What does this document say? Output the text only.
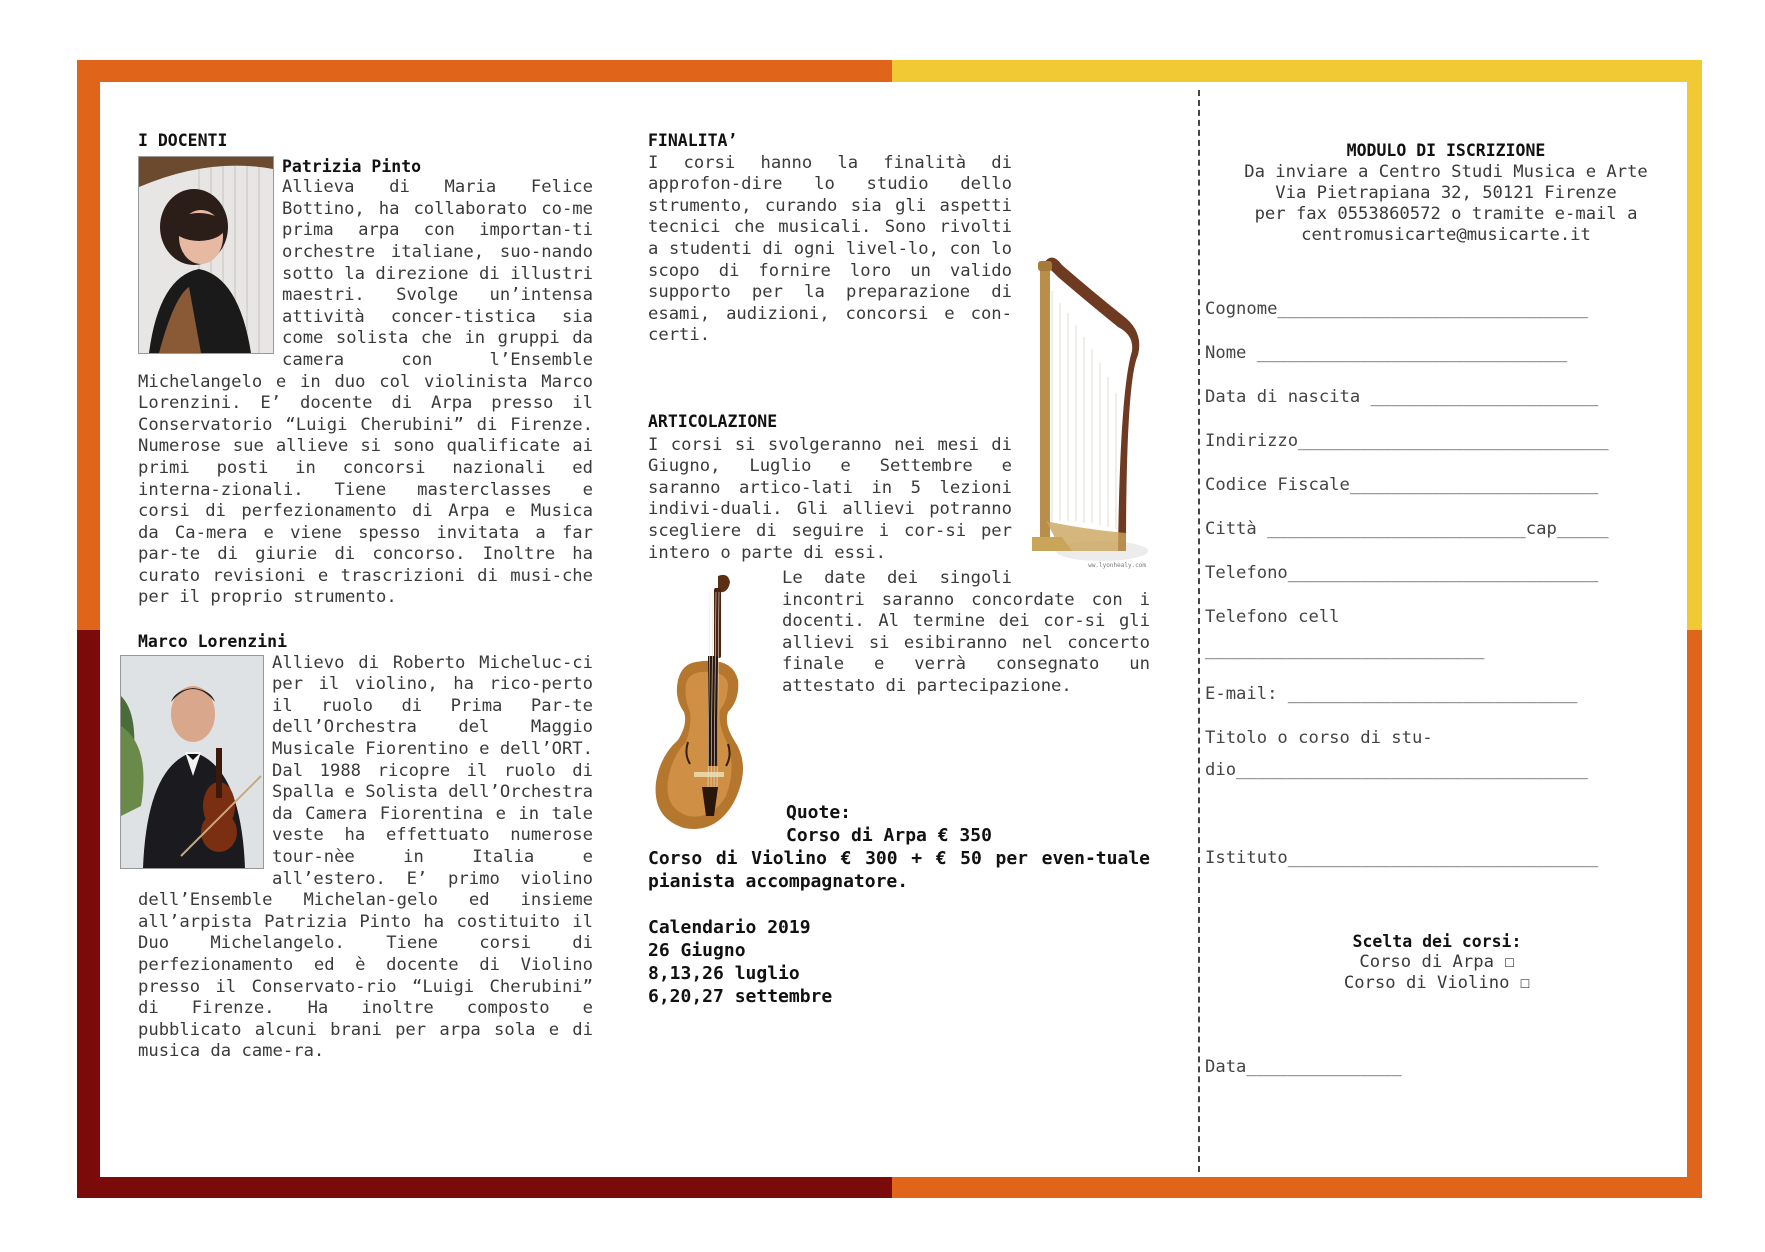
I DOCENTI

Patrizia Pinto

Allieva di Maria Felice Bottino, ha collaborato co-me prima arpa con importan-ti orchestre italiane, suo-nando sotto la direzione di illustri maestri. Svolge un’intensa attività concer-tistica sia come solista che in gruppi da camera con l’Ensemble Michelangelo e in duo col violinista Marco Lorenzini. E’ docente di Arpa presso il Conservatorio “Luigi Cherubini” di Firenze. Numerose sue allieve si sono qualificate ai primi posti in concorsi nazionali ed interna-zionali. Tiene masterclasses e corsi di perfezionamento di Arpa e Musica da Ca-mera e viene spesso invitata a far par-te di giurie di concorso. Inoltre ha curato revisioni e trascrizioni di musi-che per il proprio strumento.

Marco Lorenzini

Allievo di Roberto Micheluc-ci per il violino, ha rico-perto il ruolo di Prima Par-te dell’Orchestra del Maggio Musicale Fiorentino e dell’ORT. Dal 1988 ricopre il ruolo di Spalla e Solista dell’Orchestra da Camera Fiorentina e in tale veste ha effettuato numerose tour-nèe in Italia e all’estero. E’ primo violino dell’Ensemble Michelan-gelo ed insieme all’arpista Patrizia Pinto ha costituito il Duo Michelangelo. Tiene corsi di perfezionamento ed è docente di Violino presso il Conservato-rio “Luigi Cherubini” di Firenze. Ha inoltre composto e pubblicato alcuni brani per arpa sola e di musica da came-ra.

FINALITA’

ww.lyonhealy.com

I corsi hanno la finalità di approfon-dire lo studio dello strumento, curando sia gli aspetti tecnici che musicali. Sono rivolti a studenti di ogni livel-lo, con lo scopo di fornire loro un valido supporto per la preparazione di esami, audizioni, concorsi e con-certi.

ARTICOLAZIONE

I corsi si svolgeranno nei mesi di Giugno, Luglio e Settembre e saranno artico-lati in 5 lezioni indivi-duali. Gli allievi potranno scegliere di seguire i cor-si per intero o parte di essi.

Le date dei singoli incontri saranno concordate con i docenti. Al termine dei cor-si gli allievi si esibiranno nel concerto finale e verrà consegnato un attestato di partecipazione.

Quote:

Corso di Arpa € 350

Corso di Violino € 300 + € 50 per even-tuale pianista accompagnatore.

Calendario 2019

26 Giugno

8,13,26 luglio

6,20,27 settembre

MODULO DI ISCRIZIONE

Da inviare a Centro Studi Musica e Arte

Via Pietrapiana 32, 50121 Firenze

per fax 0553860572 o tramite e-mail a

centromusicarte@musicarte.it

Cognome______________________________

Nome ______________________________

Data di nascita ______________________

Indirizzo______________________________

Codice Fiscale________________________

Città _________________________cap_____

Telefono______________________________

Telefono cell

___________________________

E-mail: ____________________________

Titolo o corso di stu-

dio__________________________________

Istituto______________________________

Scelta dei corsi:

Corso di Arpa ☐

Corso di Violino ☐

Data_______________
